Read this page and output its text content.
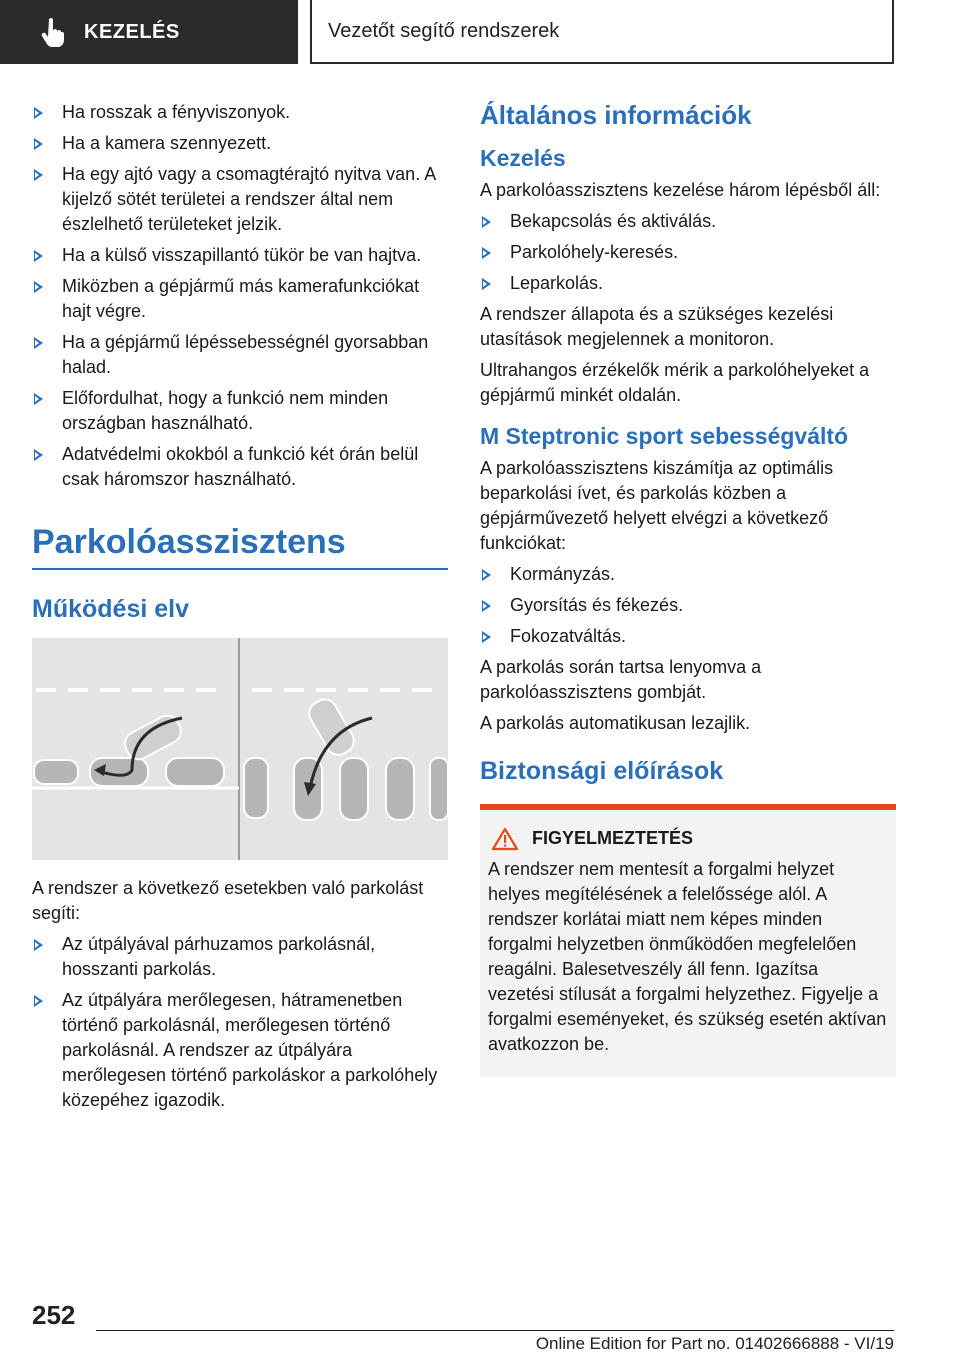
KEZELÉS	Vezetőt segítő rendszerek
Ha rosszak a fényviszonyok.
Ha a kamera szennyezett.
Ha egy ajtó vagy a csomagtérajtó nyitva van. A kijelző sötét területei a rendszer által nem észlelhető területeket jelzik.
Ha a külső visszapillantó tükör be van hajtva.
Miközben a gépjármű más kamerafunkciókat hajt végre.
Ha a gépjármű lépéssebességnél gyorsabban halad.
Előfordulhat, hogy a funkció nem minden országban használható.
Adatvédelmi okokból a funkció két órán belül csak háromszor használható.
Parkolóasszisztens
Működési elv

A rendszer a következő esetekben való parkolást segíti:

Az útpályával párhuzamos parkolásnál, hosszanti parkolás.
Az útpályára merőlegesen, hátramenetben történő parkolásnál, merőlegesen történő parkolásnál. A rendszer az útpályára merőlegesen történő parkoláskor a parkolóhely közepéhez igazodik.
Általános információk
Kezelés

A parkolóasszisztens kezelése három lépésből áll:

Bekapcsolás és aktiválás.
Parkolóhely-keresés.
Leparkolás.

A rendszer állapota és a szükséges kezelési utasítások megjelennek a monitoron.

Ultrahangos érzékelők mérik a parkolóhelyeket a gépjármű minkét oldalán.

M Steptronic sport sebességváltó

A parkolóasszisztens kiszámítja az optimális beparkolási ívet, és parkolás közben a gépjárművezető helyett elvégzi a következő funkciókat:

Kormányzás.
Gyorsítás és fékezés.
Fokozatváltás.

A parkolás során tartsa lenyomva a parkolóasszisztens gombját.

A parkolás automatikusan lezajlik.

Biztonsági előírások
FIGYELMEZTETÉS

A rendszer nem mentesít a forgalmi helyzet helyes megítélésének a felelőssége alól. A rendszer korlátai miatt nem képes minden forgalmi helyzetben önműködően megfelelően reagálni. Balesetveszély áll fenn. Igazítsa vezetési stílusát a forgalmi helyzethez. Figyelje a forgalmi eseményeket, és szükség esetén aktívan avatkozzon be.

252
Online Edition for Part no. 01402666888 - VI/19
